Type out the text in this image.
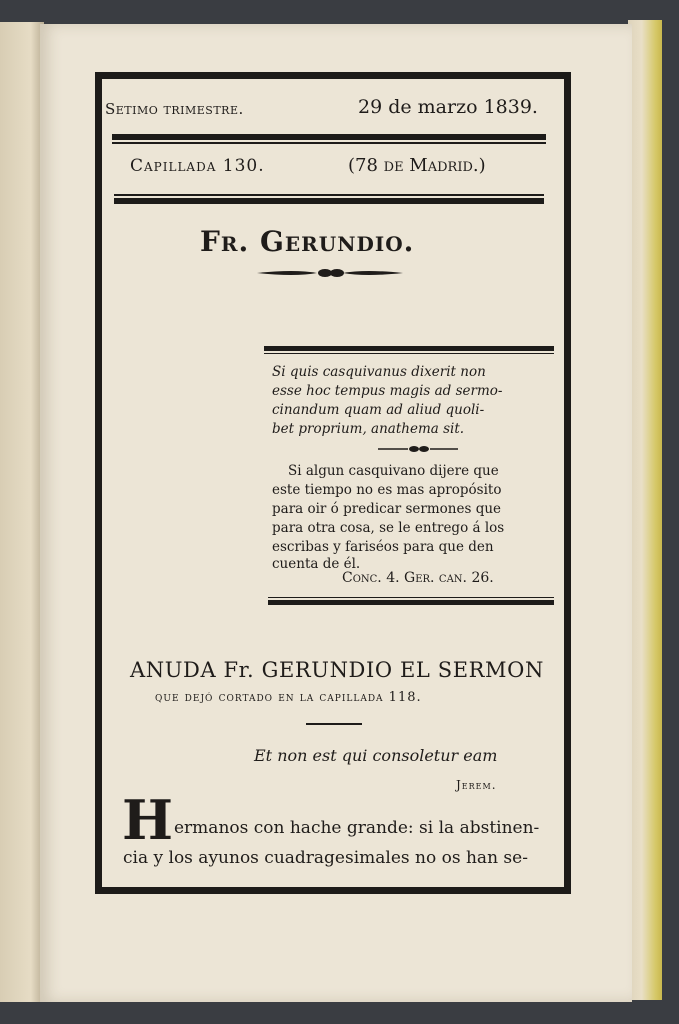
Setimo trimestre.	29 de marzo 1839.
Capillada 130.	(78 de Madrid.)
Fr. Gerundio.
Si quis casquivanus dixerit non
esse hoc tempus magis ad sermo-
cinandum quam ad aliud quoli-
bet proprium, anathema sit.
Si algun casquivano dijere que
este tiempo no es mas apropósito
para oir ó predicar sermones que
para otra cosa, se le entrego á los
escribas y fariséos para que den
cuenta de él.
Conc. 4. Ger. can. 26.
ANUDA Fr. GERUNDIO EL SERMON
que dejó cortado en la capillada 118.
Et non est qui consoletur eam
Jerem.
H ermanos con hache grande: si la abstinen-
cia y los ayunos cuadragesimales no os han se-
